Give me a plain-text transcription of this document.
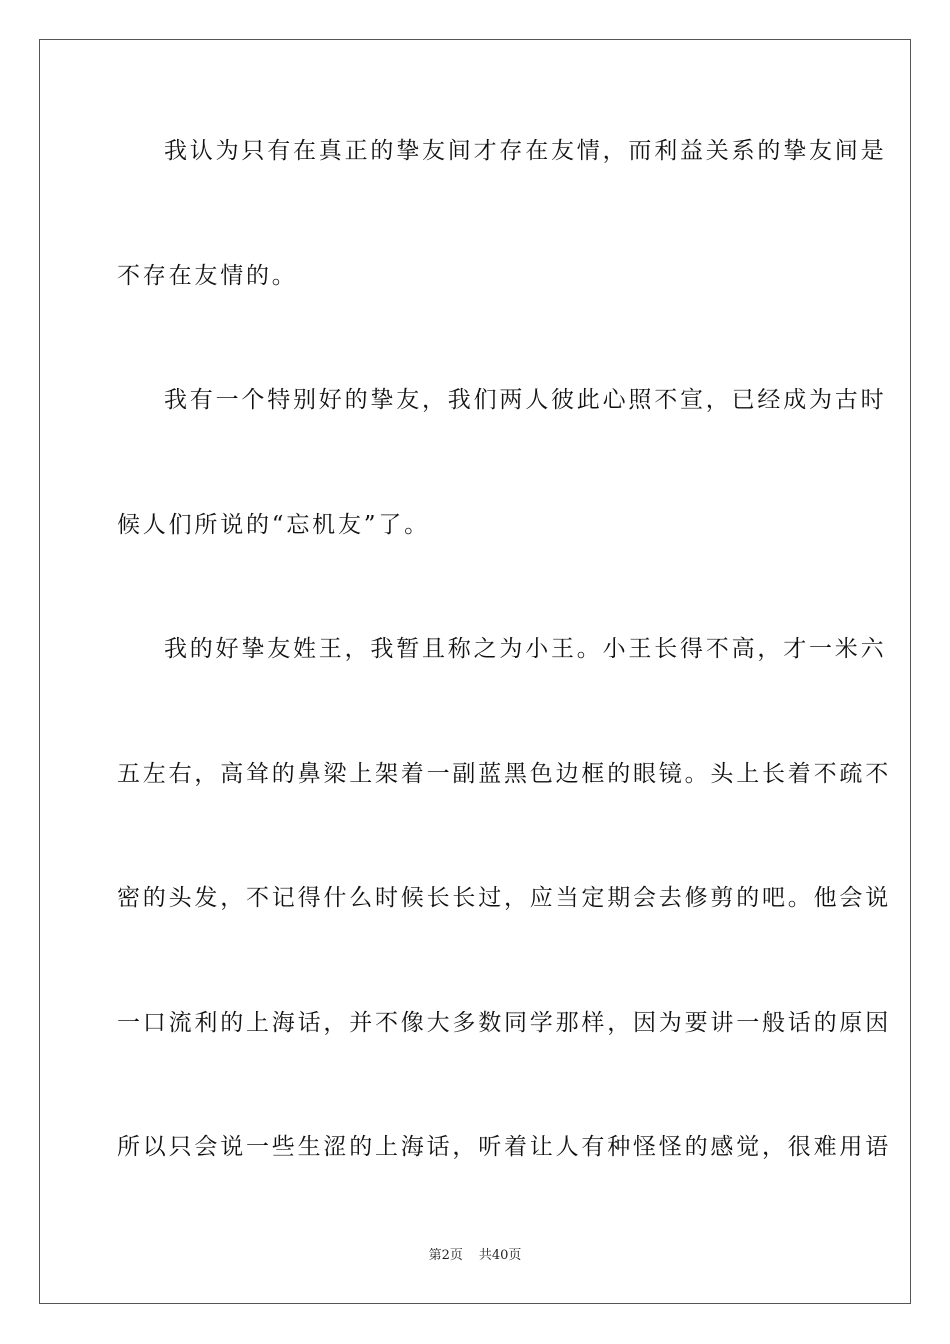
我认为只有在真正的挚友间才存在友情，而利益关系的挚友间是
不存在友情的。
我有一个特别好的挚友，我们两人彼此心照不宣，已经成为古时
候人们所说的“忘机友”了。
我的好挚友姓王，我暂且称之为小王。小王长得不高，才一米六
五左右，高耸的鼻梁上架着一副蓝黑色边框的眼镜。头上长着不疏不
密的头发，不记得什么时候长长过，应当定期会去修剪的吧。他会说
一口流利的上海话，并不像大多数同学那样，因为要讲一般话的原因
所以只会说一些生涩的上海话，听着让人有种怪怪的感觉，很难用语
第2页 共40页
